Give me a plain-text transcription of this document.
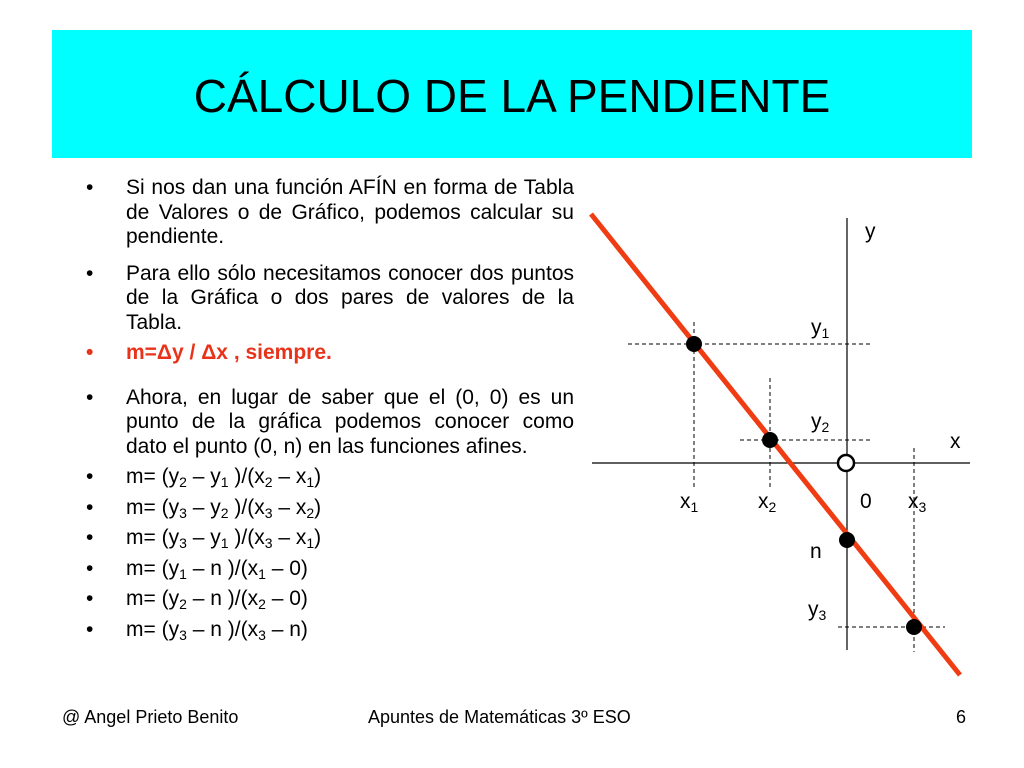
CÁLCULO DE LA PENDIENTE
• Si nos dan una función AFÍN en forma de Tabla de Valores o de Gráfico, podemos calcular su pendiente.
• Para ello sólo necesitamos conocer dos puntos de la Gráfica o dos pares de valores de la Tabla.
• m=Δy / Δx , siempre.
• Ahora, en lugar de saber que el (0, 0) es un punto de la gráfica podemos conocer como dato el punto (0, n) en las funciones afines.
• $m= (y_2 - y_1$ )$/(x_2 - x_1)$
• $m= (y_3 - y_2$ )$/(x_3 - x_2)$
• $m= (y_3 - y_1$ )$/(x_3 - x_1)$
• $m= (y_1 - n$ )$/(x_1 - 0)$
• $m= (y_2 - n$ )$/(x_2 - 0)$
• $m= (y_3 - n$ )$/(x_3 - n)$
y
x
$y_1$
$y_2$
$y_3$
$x_1$	$x_2$	$x_3$
0
n
@ Angel Prieto Benito	Apuntes de Matemáticas 3º ESO	6
